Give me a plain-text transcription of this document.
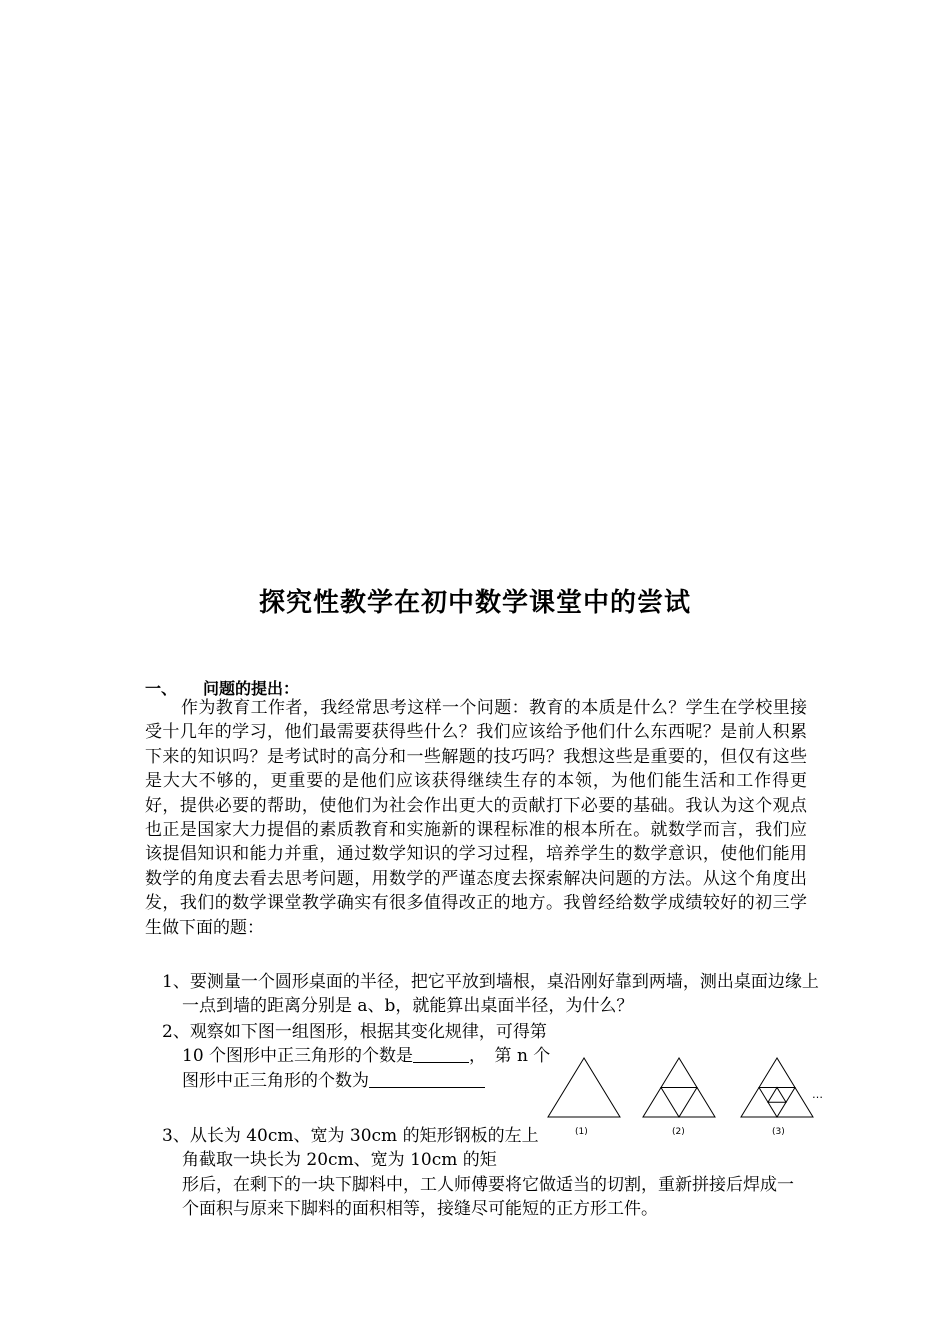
探究性教学在初中数学课堂中的尝试
一、 问题的提出：

作为教育工作者，我经常思考这样一个问题：教育的本质是什么？学生在学校里接受十几年的学习，他们最需要获得些什么？我们应该给予他们什么东西呢？是前人积累下来的知识吗？是考试时的高分和一些解题的技巧吗？我想这些是重要的，但仅有这些是大大不够的，更重要的是他们应该获得继续生存的本领，为他们能生活和工作得更好，提供必要的帮助，使他们为社会作出更大的贡献打下必要的基础。我认为这个观点也正是国家大力提倡的素质教育和实施新的课程标准的根本所在。就数学而言，我们应该提倡知识和能力并重，通过数学知识的学习过程，培养学生的数学意识，使他们能用数学的角度去看去思考问题，用数学的严谨态度去探索解决问题的方法。从这个角度出发，我们的数学课堂教学确实有很多值得改正的地方。我曾经给数学成绩较好的初三学生做下面的题：

1、要测量一个圆形桌面的半径，把它平放到墙根，桌沿刚好靠到两墙，测出桌面边缘上一点到墙的距离分别是 a、b，就能算出桌面半径，为什么？

2、观察如下图一组图形，根据其变化规律，可得第 10 个图形中正三角形的个数是	，　第 n 个图形中正三角形的个数为

3、从长为 40cm、宽为 30cm 的矩形钢板的左上角截取一块长为 20cm、宽为 10cm 的矩

形后，在剩下的一块下脚料中，工人师傅要将它做适当的切割，重新拼接后焊成一个面积与原来下脚料的面积相等，接缝尽可能短的正方形工件。

(1)	(2)	(3)
…
